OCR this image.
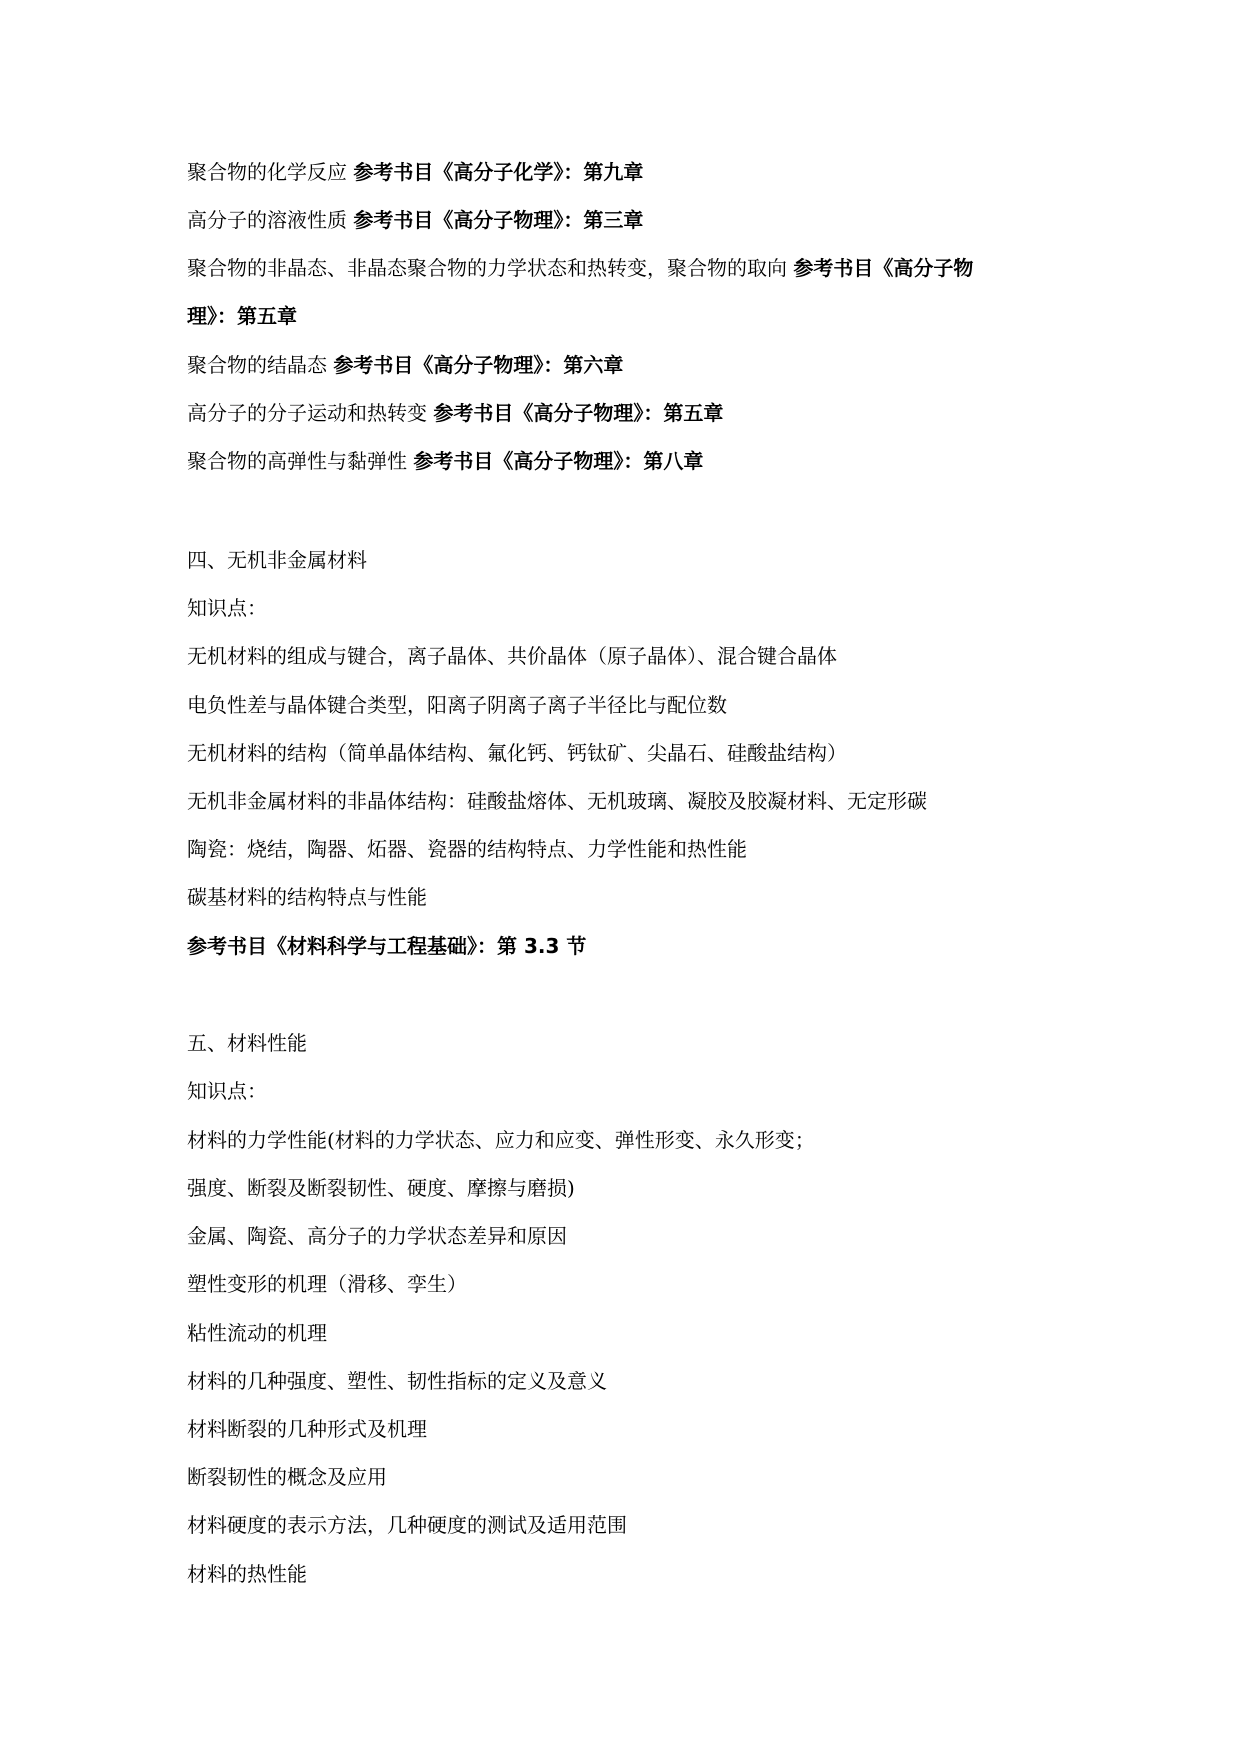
聚合物的化学反应 参考书目《高分子化学》：第九章
高分子的溶液性质 参考书目《高分子物理》：第三章
聚合物的非晶态、非晶态聚合物的力学状态和热转变，聚合物的取向 参考书目《高分子物
理》：第五章
聚合物的结晶态 参考书目《高分子物理》：第六章
高分子的分子运动和热转变 参考书目《高分子物理》：第五章
聚合物的高弹性与黏弹性 参考书目《高分子物理》：第八章
四、无机非金属材料
知识点：
无机材料的组成与键合，离子晶体、共价晶体（原子晶体）、混合键合晶体
电负性差与晶体键合类型，阳离子阴离子离子半径比与配位数
无机材料的结构（简单晶体结构、氟化钙、钙钛矿、尖晶石、硅酸盐结构）
无机非金属材料的非晶体结构：硅酸盐熔体、无机玻璃、凝胶及胶凝材料、无定形碳
陶瓷：烧结，陶器、炻器、瓷器的结构特点、力学性能和热性能
碳基材料的结构特点与性能
参考书目《材料科学与工程基础》：第 3.3 节
五、材料性能
知识点：
材料的力学性能(材料的力学状态、应力和应变、弹性形变、永久形变；
强度、断裂及断裂韧性、硬度、摩擦与磨损)
金属、陶瓷、高分子的力学状态差异和原因
塑性变形的机理（滑移、孪生）
粘性流动的机理
材料的几种强度、塑性、韧性指标的定义及意义
材料断裂的几种形式及机理
断裂韧性的概念及应用
材料硬度的表示方法，几种硬度的测试及适用范围
材料的热性能
